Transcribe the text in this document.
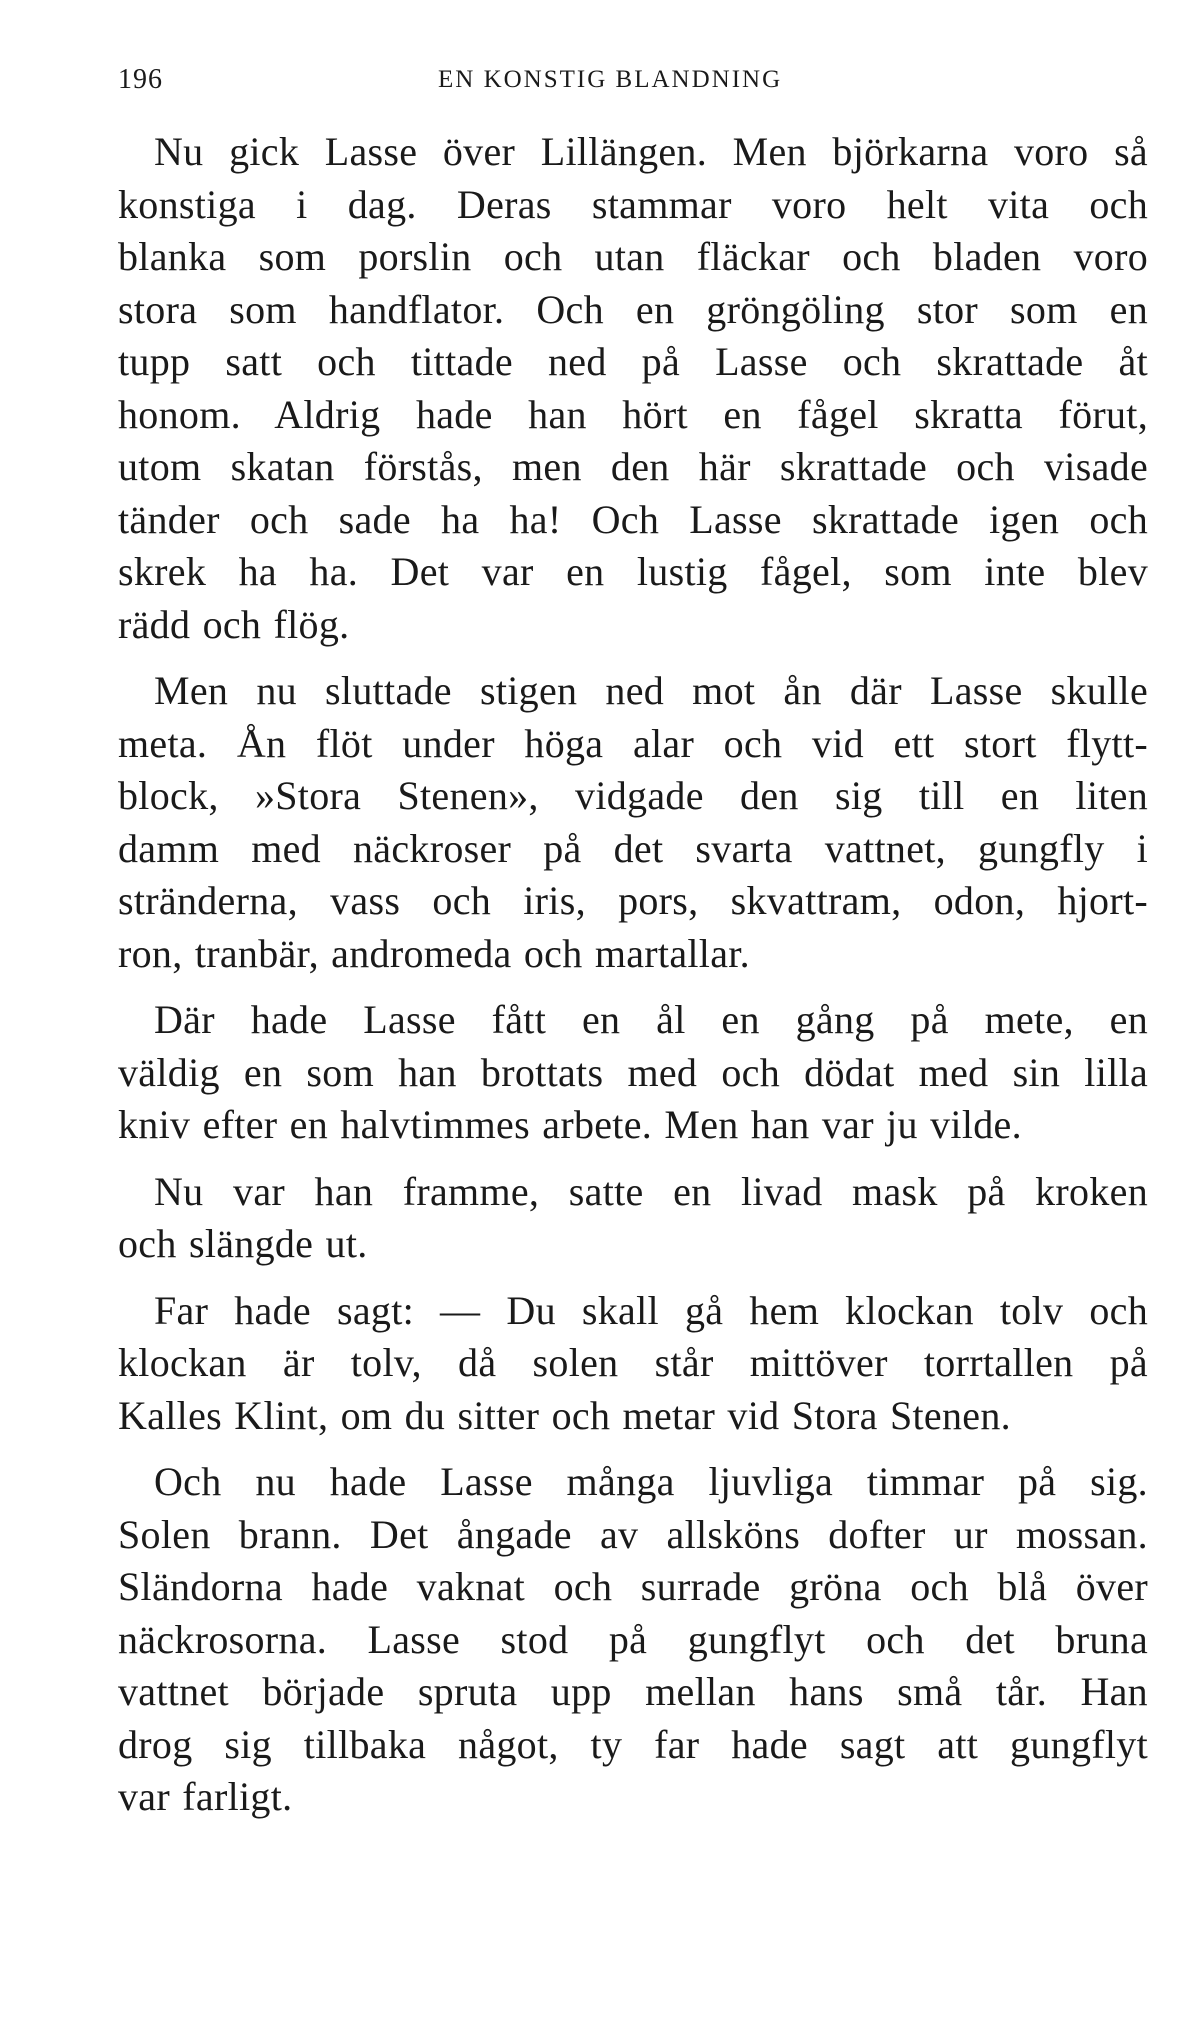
196	EN KONSTIG BLANDNING

Nu gick Lasse över Lillängen. Men björkarna voro så
konstiga i dag. Deras stammar voro helt vita och
blanka som porslin och utan fläckar och bladen voro
stora som handflator. Och en gröngöling stor som en
tupp satt och tittade ned på Lasse och skrattade åt
honom. Aldrig hade han hört en fågel skratta förut,
utom skatan förstås, men den här skrattade och visade
tänder och sade ha ha! Och Lasse skrattade igen och
skrek ha ha. Det var en lustig fågel, som inte blev
rädd och flög.

Men nu sluttade stigen ned mot ån där Lasse skulle
meta. Ån flöt under höga alar och vid ett stort flytt-
block, »Stora Stenen», vidgade den sig till en liten
damm med näckroser på det svarta vattnet, gungfly i
stränderna, vass och iris, pors, skvattram, odon, hjort-
ron, tranbär, andromeda och martallar.

Där hade Lasse fått en ål en gång på mete, en
väldig en som han brottats med och dödat med sin lilla
kniv efter en halvtimmes arbete. Men han var ju vilde.

Nu var han framme, satte en livad mask på kroken
och slängde ut.

Far hade sagt: — Du skall gå hem klockan tolv och
klockan är tolv, då solen står mittöver torrtallen på
Kalles Klint, om du sitter och metar vid Stora Stenen.

Och nu hade Lasse många ljuvliga timmar på sig.
Solen brann. Det ångade av allsköns dofter ur mossan.
Sländorna hade vaknat och surrade gröna och blå över
näckrosorna. Lasse stod på gungflyt och det bruna
vattnet började spruta upp mellan hans små tår. Han
drog sig tillbaka något, ty far hade sagt att gungflyt
var farligt.
